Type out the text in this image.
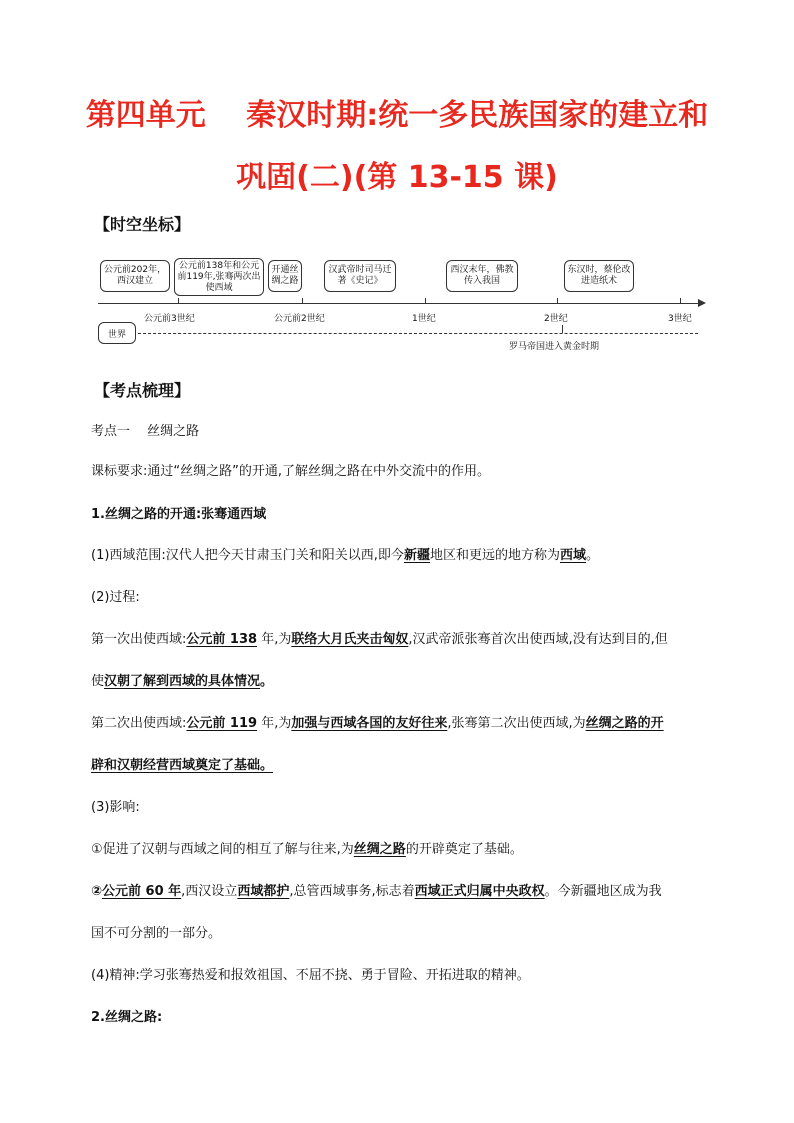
第四单元　 秦汉时期:统一多民族国家的建立和
巩固(二)(第 13-15 课)
【时空坐标】
公元前202年，西汉建立
公元前138年和公元前119年,张骞两次出使西域
开通丝绸之路
汉武帝时司马迁著《史记》
西汉末年，佛教传入我国
东汉时，蔡伦改进造纸术
公元前3世纪	公元前2世纪	1世纪	2世纪	3世纪
世界
罗马帝国进入黄金时期
【考点梳理】
考点一　 丝绸之路
课标要求:通过“丝绸之路”的开通,了解丝绸之路在中外交流中的作用。
1.丝绸之路的开通:张骞通西域
(1)西域范围:汉代人把今天甘肃玉门关和阳关以西,即今新疆地区和更远的地方称为西域。
(2)过程:
第一次出使西域:公元前 138 年,为联络大月氏夹击匈奴,汉武帝派张骞首次出使西域,没有达到目的,但
使汉朝了解到西域的具体情况。
第二次出使西域:公元前 119 年,为加强与西域各国的友好往来,张骞第二次出使西域,为丝绸之路的开
辟和汉朝经营西域奠定了基础。
(3)影响:
①促进了汉朝与西域之间的相互了解与往来,为丝绸之路的开辟奠定了基础。
②公元前 60 年,西汉设立西域都护,总管西域事务,标志着西域正式归属中央政权。今新疆地区成为我
国不可分割的一部分。
(4)精神:学习张骞热爱和报效祖国、不屈不挠、勇于冒险、开拓进取的精神。
2.丝绸之路:
